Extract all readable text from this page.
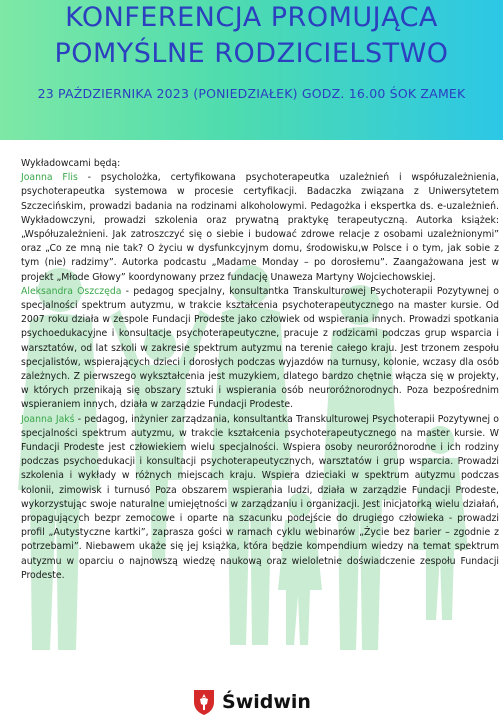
KONFERENCJA PROMUJĄCA
POMYŚLNE RODZICIELSTWO
23 PAŹDZIERNIKA 2023 (PONIEDZIAŁEK) GODZ. 16.00 ŚOK ZAMEK

Wykładowcami będą:

Joanna Flis - psycholożka, certyfikowana psychoterapeutka uzależnień i współuzależnienia, psychoterapeutka systemowa w procesie certyfikacji. Badaczka związana z Uniwersytetem Szczecińskim, prowadzi badania na rodzinami alkoholowymi. Pedagożka i ekspertka ds. e-uzależnień. Wykładowczyni, prowadzi szkolenia oraz prywatną praktykę terapeutyczną. Autorka książek: „Współuzależnieni. Jak zatroszczyć się o siebie i budować zdrowe relacje z osobami uzależnionymi” oraz „Co ze mną nie tak? O życiu w dysfunkcyjnym domu, środowisku,w Polsce i o tym, jak sobie z tym (nie) radzimy”. Autorka podcastu „Madame Monday – po dorosłemu”. Zaangażowana jest w projekt „Młode Głowy” koordynowany przez fundację Unaweza Martyny Wojciechowskiej.

Aleksandra Oszczęda - pedagog specjalny, konsultantka Transkulturowej Psychoterapii Pozytywnej o specjalności spektrum autyzmu, w trakcie kształcenia psychoterapeutycznego na master kursie. Od 2007 roku działa w zespole Fundacji Prodeste jako człowiek od wspierania innych. Prowadzi spotkania psychoedukacyjne i konsultacje psychoterapeutyczne, pracuje z rodzicami podczas grup wsparcia i warsztatów, od lat szkoli w zakresie spektrum autyzmu na terenie całego kraju. Jest trzonem zespołu specjalistów, wspierających dzieci i dorosłych podczas wyjazdów na turnusy, kolonie, wczasy dla osób zależnych. Z pierwszego wykształcenia jest muzykiem, dlatego bardzo chętnie włącza się w projekty, w których przenikają się obszary sztuki i wspierania osób neuroróżnorodnych. Poza bezpośrednim wspieraniem innych, działa w zarządzie Fundacji Prodeste.

Joanna Jakś - pedagog, inżynier zarządzania, konsultantka Transkulturowej Psychoterapii Pozytywnej o specjalności spektrum autyzmu, w trakcie kształcenia psychoterapeutycznego na master kursie. W Fundacji Prodeste jest człowiekiem wielu specjalności. Wspiera osoby neuroróżnorodne i ich rodziny podczas psychoedukacji i konsultacji psychoterapeutycznych, warsztatów i grup wsparcia. Prowadzi szkolenia i wykłady w różnych miejscach kraju. Wspiera dzieciaki w spektrum autyzmu podczas kolonii, zimowisk i turnusó Poza obszarem wspierania ludzi, działa w zarządzie Fundacji Prodeste, wykorzystując swoje naturalne umiejętności w zarządzaniu i organizacji. Jest inicjatorką wielu działań, propagujących bezpr zemocowe i oparte na szacunku podejście do drugiego człowieka - prowadzi profil „Autystyczne kartki”, zaprasza gości w ramach cyklu webinarów „Życie bez barier – zgodnie z potrzebami”. Niebawem ukaże się jej książka, która będzie kompendium wiedzy na temat spektrum autyzmu w oparciu o najnowszą wiedzę naukową oraz wieloletnie doświadczenie zespołu Fundacji Prodeste.

Świdwin
